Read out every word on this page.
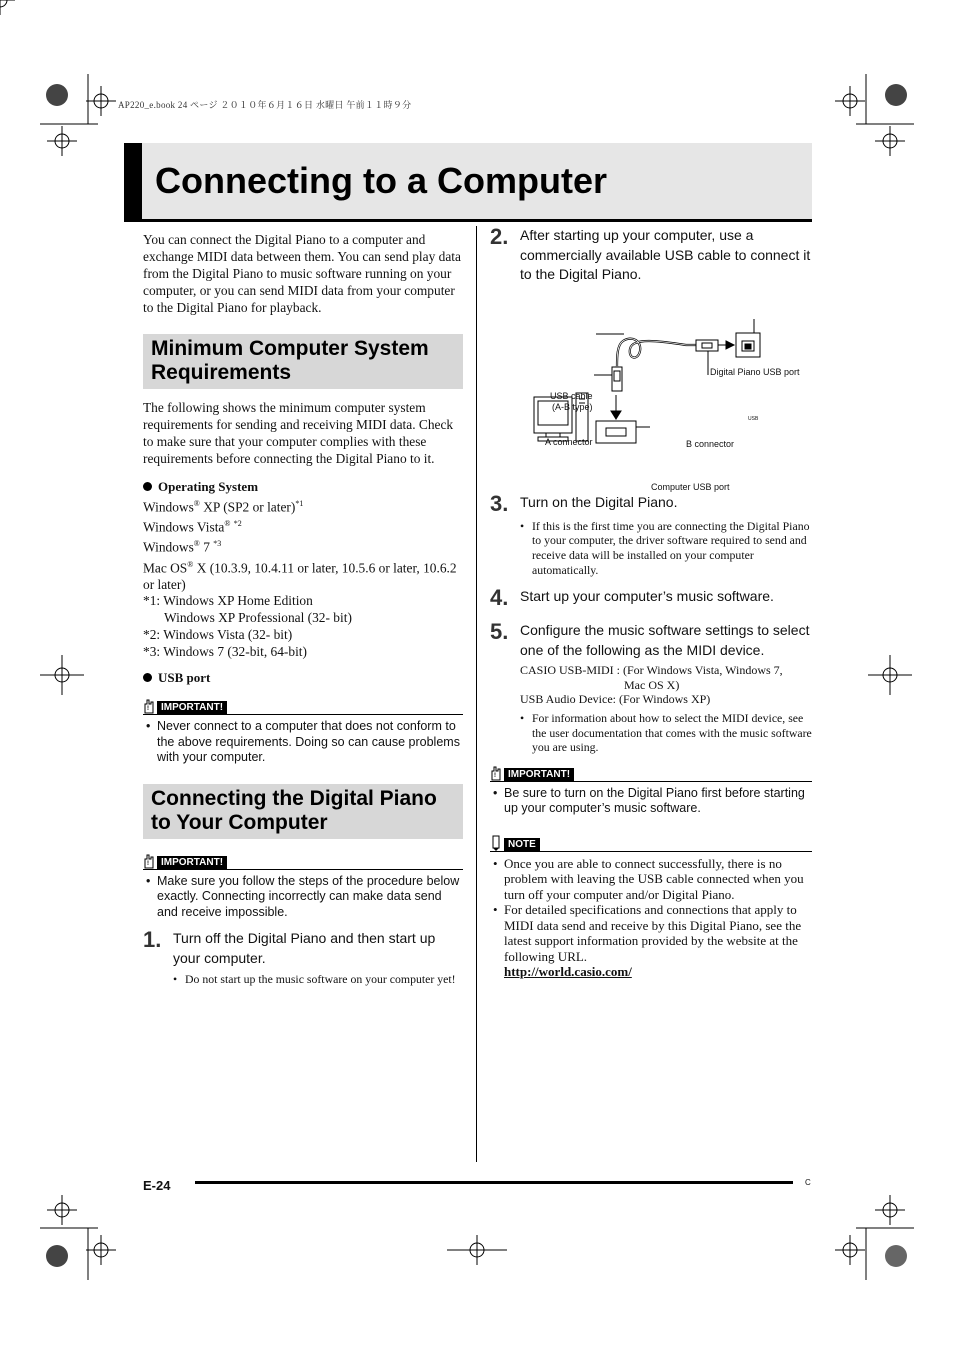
AP220_e.book 24 ページ ２０１０年６月１６日 水曜日 午前１１時９分
Connecting to a Computer
You can connect the Digital Piano to a computer and exchange MIDI data between them. You can send play data from the Digital Piano to music software running on your computer, or you can send MIDI data from your computer to the Digital Piano for playback.
Minimum Computer System Requirements
The following shows the minimum computer system requirements for sending and receiving MIDI data. Check to make sure that your computer complies with these requirements before connecting the Digital Piano to it.
Operating System
Windows® XP (SP2 or later)$^{*1}$
Windows Vista® $^{*2}$
Windows® 7 $^{*3}$
Mac OS® X (10.3.9, 10.4.11 or later, 10.5.6 or later, 10.6.2 or later)
*1: Windows XP Home Edition
Windows XP Professional (32- bit)
*2: Windows Vista (32- bit)
*3: Windows 7 (32-bit, 64-bit)
USB port
!	IMPORTANT!
• Never connect to a computer that does not conform to the above requirements. Doing so can cause problems with your computer.
Connecting the Digital Piano to Your Computer
!	IMPORTANT!
• Make sure you follow the steps of the procedure below exactly. Connecting incorrectly can make data send and receive impossible.
1. Turn off the Digital Piano and then start up your computer.
• Do not start up the music software on your computer yet!
2. After starting up your computer, use a commercially available USB cable to connect it to the Digital Piano.
Digital Piano USB port
USB cable
(A-B type)
A connector	B connector
USB
Computer USB port
3. Turn on the Digital Piano.
• If this is the first time you are connecting the Digital Piano to your computer, the driver software required to send and receive data will be installed on your computer automatically.
4. Start up your computer’s music software.
5. Configure the music software settings to select one of the following as the MIDI device.
CASIO USB-MIDI : (For Windows Vista, Windows 7,
Mac OS X)
USB Audio Device: (For Windows XP)
• For information about how to select the MIDI device, see the user documentation that comes with the music software you are using.
!	IMPORTANT!
• Be sure to turn on the Digital Piano first before starting up your computer’s music software.
NOTE
• Once you are able to connect successfully, there is no problem with leaving the USB cable connected when you turn off your computer and/or Digital Piano.
• For detailed specifications and connections that apply to MIDI data send and receive by this Digital Piano, see the latest support information provided by the website at the following URL.
http://world.casio.com/
E-24	C
